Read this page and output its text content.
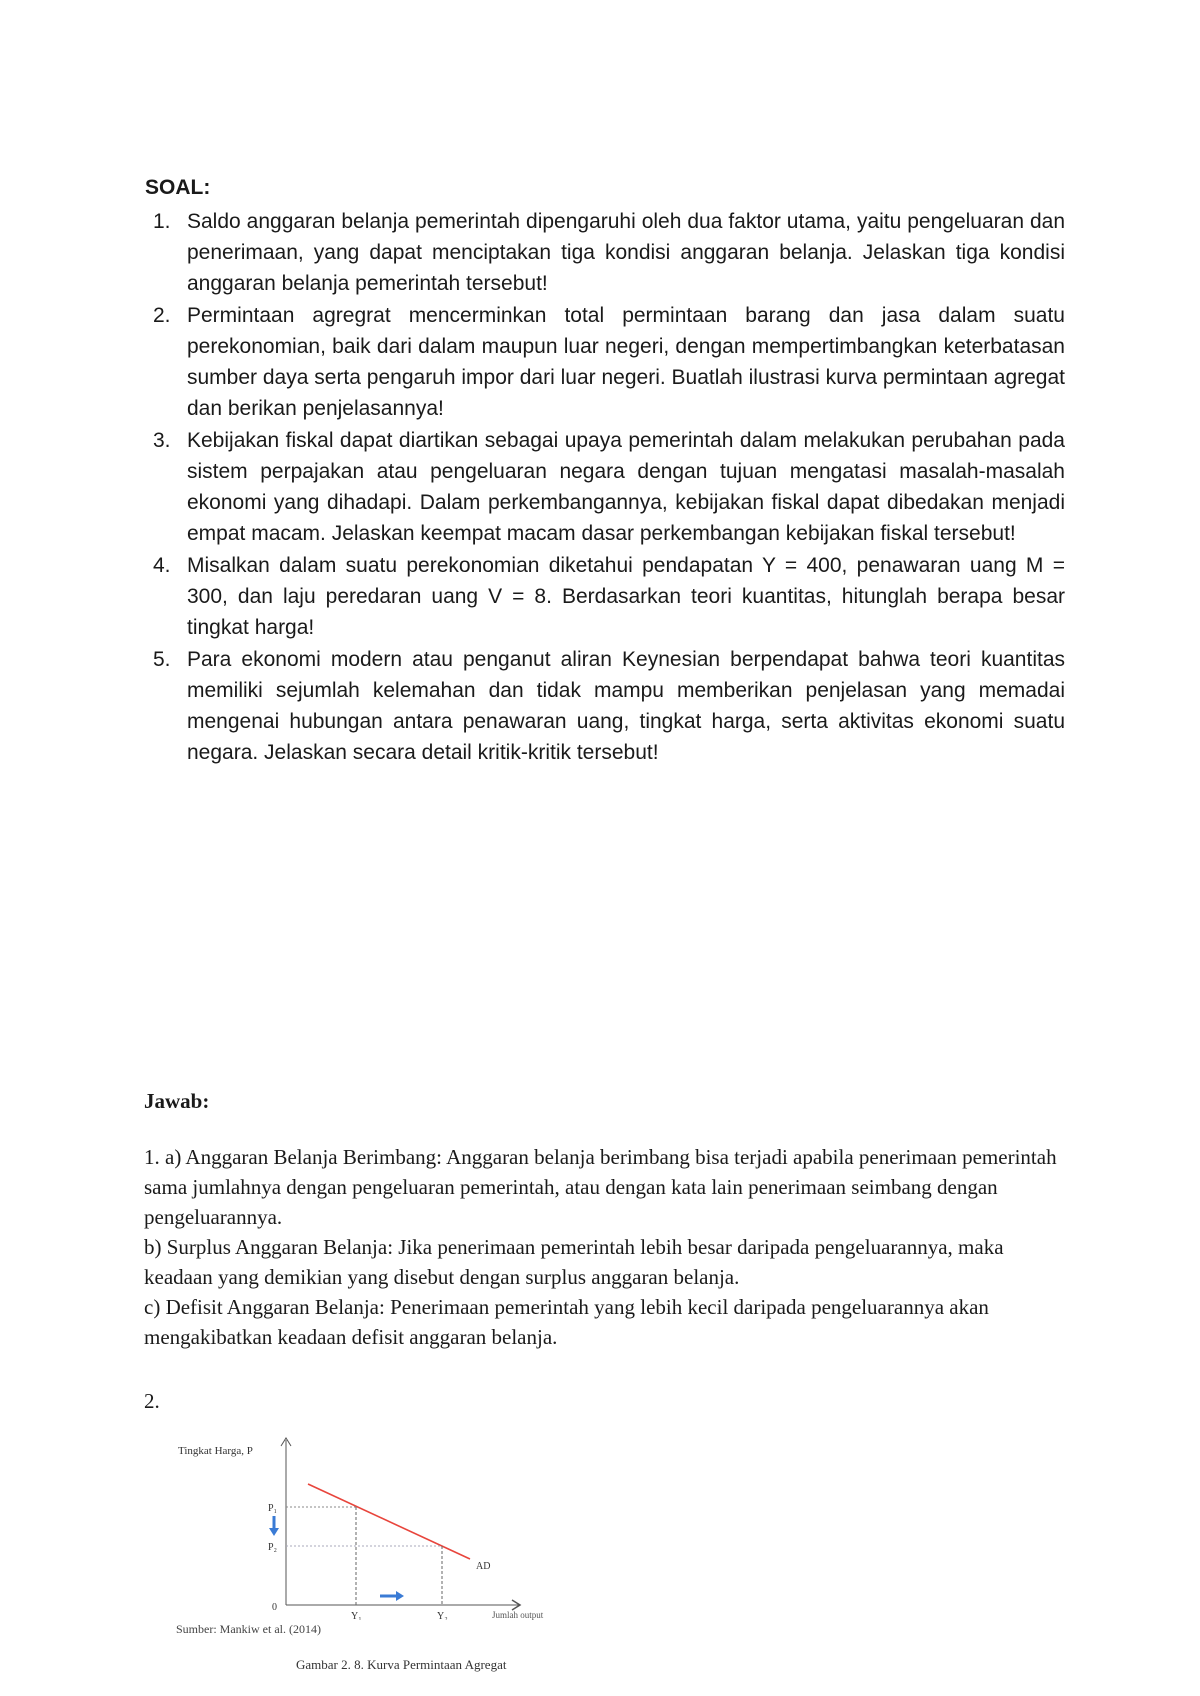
SOAL:
1. Saldo anggaran belanja pemerintah dipengaruhi oleh dua faktor utama, yaitu pengeluaran dan penerimaan, yang dapat menciptakan tiga kondisi anggaran belanja. Jelaskan tiga kondisi anggaran belanja pemerintah tersebut!
2. Permintaan agregrat mencerminkan total permintaan barang dan jasa dalam suatu perekonomian, baik dari dalam maupun luar negeri, dengan mempertimbangkan keterbatasan sumber daya serta pengaruh impor dari luar negeri. Buatlah ilustrasi kurva permintaan agregat dan berikan penjelasannya!
3. Kebijakan fiskal dapat diartikan sebagai upaya pemerintah dalam melakukan perubahan pada sistem perpajakan atau pengeluaran negara dengan tujuan mengatasi masalah-masalah ekonomi yang dihadapi. Dalam perkembangannya, kebijakan fiskal dapat dibedakan menjadi empat macam. Jelaskan keempat macam dasar perkembangan kebijakan fiskal tersebut!
4. Misalkan dalam suatu perekonomian diketahui pendapatan Y = 400, penawaran uang M = 300, dan laju peredaran uang V = 8. Berdasarkan teori kuantitas, hitunglah berapa besar tingkat harga!
5. Para ekonomi modern atau penganut aliran Keynesian berpendapat bahwa teori kuantitas memiliki sejumlah kelemahan dan tidak mampu memberikan penjelasan yang memadai mengenai hubungan antara penawaran uang, tingkat harga, serta aktivitas ekonomi suatu negara. Jelaskan secara detail kritik-kritik tersebut!
Jawab:

1. a) Anggaran Belanja Berimbang: Anggaran belanja berimbang bisa terjadi apabila penerimaan pemerintah sama jumlahnya dengan pengeluaran pemerintah, atau dengan kata lain penerimaan seimbang dengan pengeluarannya.

b) Surplus Anggaran Belanja: Jika penerimaan pemerintah lebih besar daripada pengeluarannya, maka keadaan yang demikian yang disebut dengan surplus anggaran belanja.

c) Defisit Anggaran Belanja: Penerimaan pemerintah yang lebih kecil daripada pengeluarannya akan mengakibatkan keadaan defisit anggaran belanja.

2.
Tingkat Harga, P
P₁
P₂
0
Y₁	Y₂
AD
Jumlah output
Sumber: Mankiw et al. (2014)
Gambar 2. 8. Kurva Permintaan Agregat
